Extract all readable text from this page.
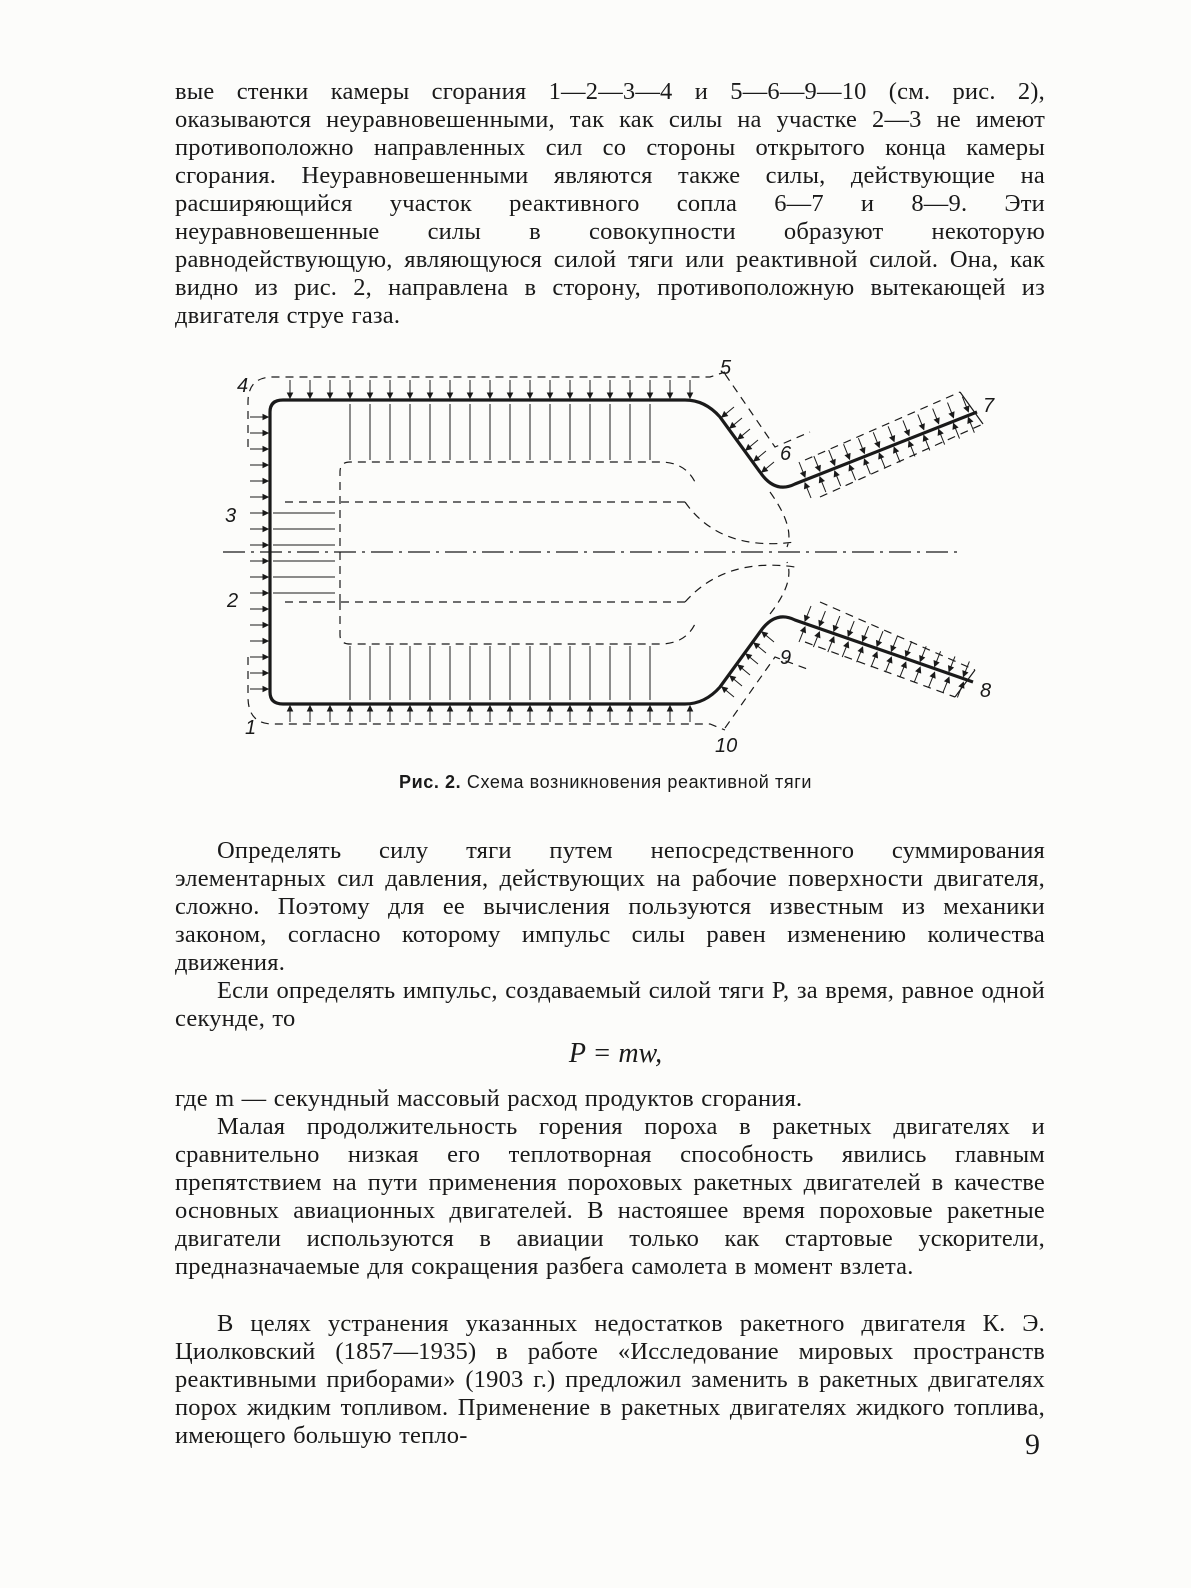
вые стенки камеры сгорания 1—2—3—4 и 5—6—9—10 (см. рис. 2), оказываются неуравновешенными, так как силы на участке 2—3 не имеют противоположно направленных сил со стороны открытого конца камеры сгорания. Неуравновешенными являются также силы, действующие на расширяющийся участок реактивного сопла 6—7 и 8—9. Эти неуравновешенные силы в совокупности образуют некоторую равнодействующую, являющуюся силой тяги или реактивной силой. Она, как видно из рис. 2, направлена в сторону, противоположную вытекающей из двигателя струе газа.
4
5
6
7
3
2
9
8
1
10
Рис. 2. Схема возникновения реактивной тяги
Определять силу тяги путем непосредственного суммирования элементарных сил давления, действующих на рабочие поверхности двигателя, сложно. Поэтому для ее вычисления пользуются известным из механики законом, согласно которому импульс силы равен изменению количества движения.
Если определять импульс, создаваемый силой тяги P, за время, равное одной секунде, то
P = mw,
где m — секундный массовый расход продуктов сгорания.
Малая продолжительность горения пороха в ракетных двигателях и сравнительно низкая его теплотворная способность явились главным препятствием на пути применения пороховых ракетных двигателей в качестве основных авиационных двигателей. В настояшее время пороховые ракетные двигатели используются в авиации только как стартовые ускорители, предназначаемые для сокращения разбега самолета в момент взлета.
В целях устранения указанных недостатков ракетного двигателя К. Э. Циолковский (1857—1935) в работе «Исследование мировых пространств реактивными приборами» (1903 г.) предложил заменить в ракетных двигателях порох жидким топливом. Применение в ракетных двигателях жидкого топлива, имеющего большую тепло-	9
